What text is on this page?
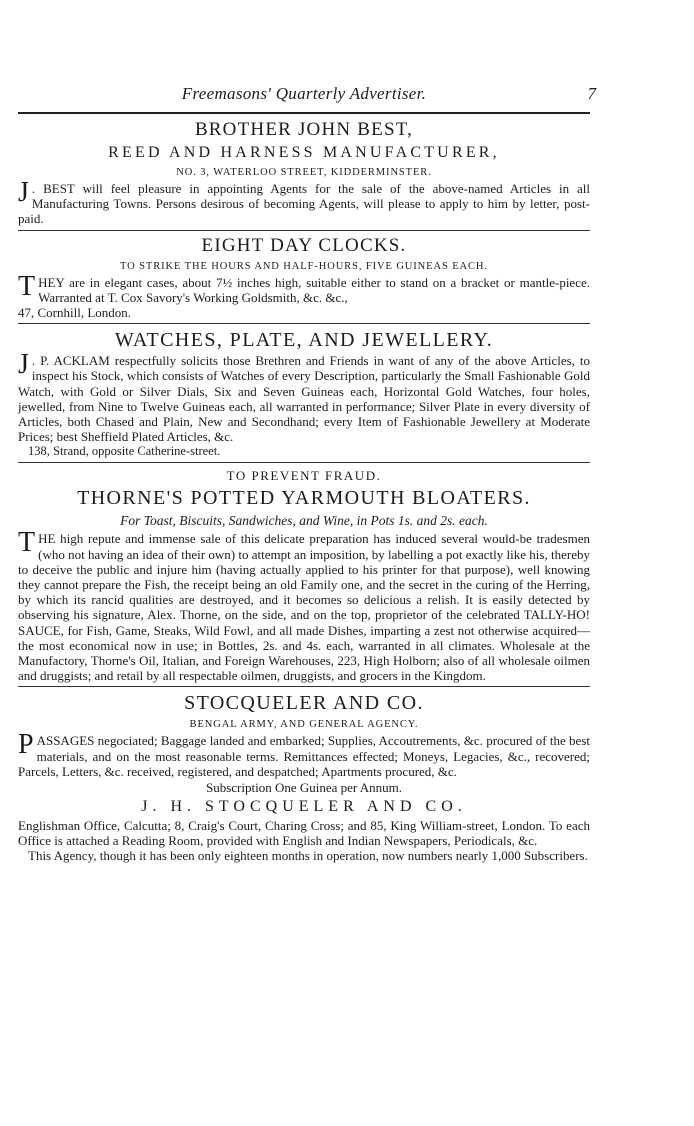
Freemasons' Quarterly Advertiser.	7
BROTHER JOHN BEST,
REED AND HARNESS MANUFACTURER,
NO. 3, WATERLOO STREET, KIDDERMINSTER.

J . BEST will feel pleasure in appointing Agents for the sale of the above-named Articles in all Manufacturing Towns. Persons desirous of becoming Agents, will please to apply to him by letter, post-paid.

EIGHT DAY CLOCKS.
TO STRIKE THE HOURS AND HALF-HOURS, FIVE GUINEAS EACH.

THEY are in elegant cases, about 7½ inches high, suitable either to stand on a bracket or mantle-piece. Warranted at T. Cox Savory's Working Goldsmith, &c. &c.,

47, Cornhill, London.

WATCHES, PLATE, AND JEWELLERY.

J . P. ACKLAM respectfully solicits those Brethren and Friends in want of any of the above Articles, to inspect his Stock, which consists of Watches of every Description, particularly the Small Fashionable Gold Watch, with Gold or Silver Dials, Six and Seven Guineas each, Horizontal Gold Watches, four holes, jewelled, from Nine to Twelve Guineas each, all warranted in performance; Silver Plate in every diversity of Articles, both Chased and Plain, New and Secondhand; every Item of Fashionable Jewellery at Moderate Prices; best Sheffield Plated Articles, &c.

138, Strand, opposite Catherine-street.

TO PREVENT FRAUD.
THORNE'S POTTED YARMOUTH BLOATERS.
For Toast, Biscuits, Sandwiches, and Wine, in Pots 1s. and 2s. each.

THE high repute and immense sale of this delicate preparation has induced several would-be tradesmen (who not having an idea of their own) to attempt an imposition, by labelling a pot exactly like his, thereby to deceive the public and injure him (having actually applied to his printer for that purpose), well knowing they cannot prepare the Fish, the receipt being an old Family one, and the secret in the curing of the Herring, by which its rancid qualities are destroyed, and it becomes so delicious a relish. It is easily detected by observing his signature, Alex. Thorne, on the side, and on the top, proprietor of the celebrated TALLY-HO! SAUCE, for Fish, Game, Steaks, Wild Fowl, and all made Dishes, imparting a zest not otherwise acquired—the most economical now in use; in Bottles, 2s. and 4s. each, warranted in all climates. Wholesale at the Manufactory, Thorne's Oil, Italian, and Foreign Warehouses, 223, High Holborn; also of all wholesale oilmen and druggists; and retail by all respectable oilmen, druggists, and grocers in the Kingdom.

STOCQUELER AND CO.
BENGAL ARMY, AND GENERAL AGENCY.

PASSAGES negociated; Baggage landed and embarked; Supplies, Accoutrements, &c. procured of the best materials, and on the most reasonable terms. Remittances effected; Moneys, Legacies, &c., recovered; Parcels, Letters, &c. received, registered, and despatched; Apartments procured, &c.

Subscription One Guinea per Annum.
J. H. STOCQUELER AND CO.

Englishman Office, Calcutta; 8, Craig's Court, Charing Cross; and 85, King William-street, London. To each Office is attached a Reading Room, provided with English and Indian Newspapers, Periodicals, &c.

This Agency, though it has been only eighteen months in operation, now numbers nearly 1,000 Subscribers.
